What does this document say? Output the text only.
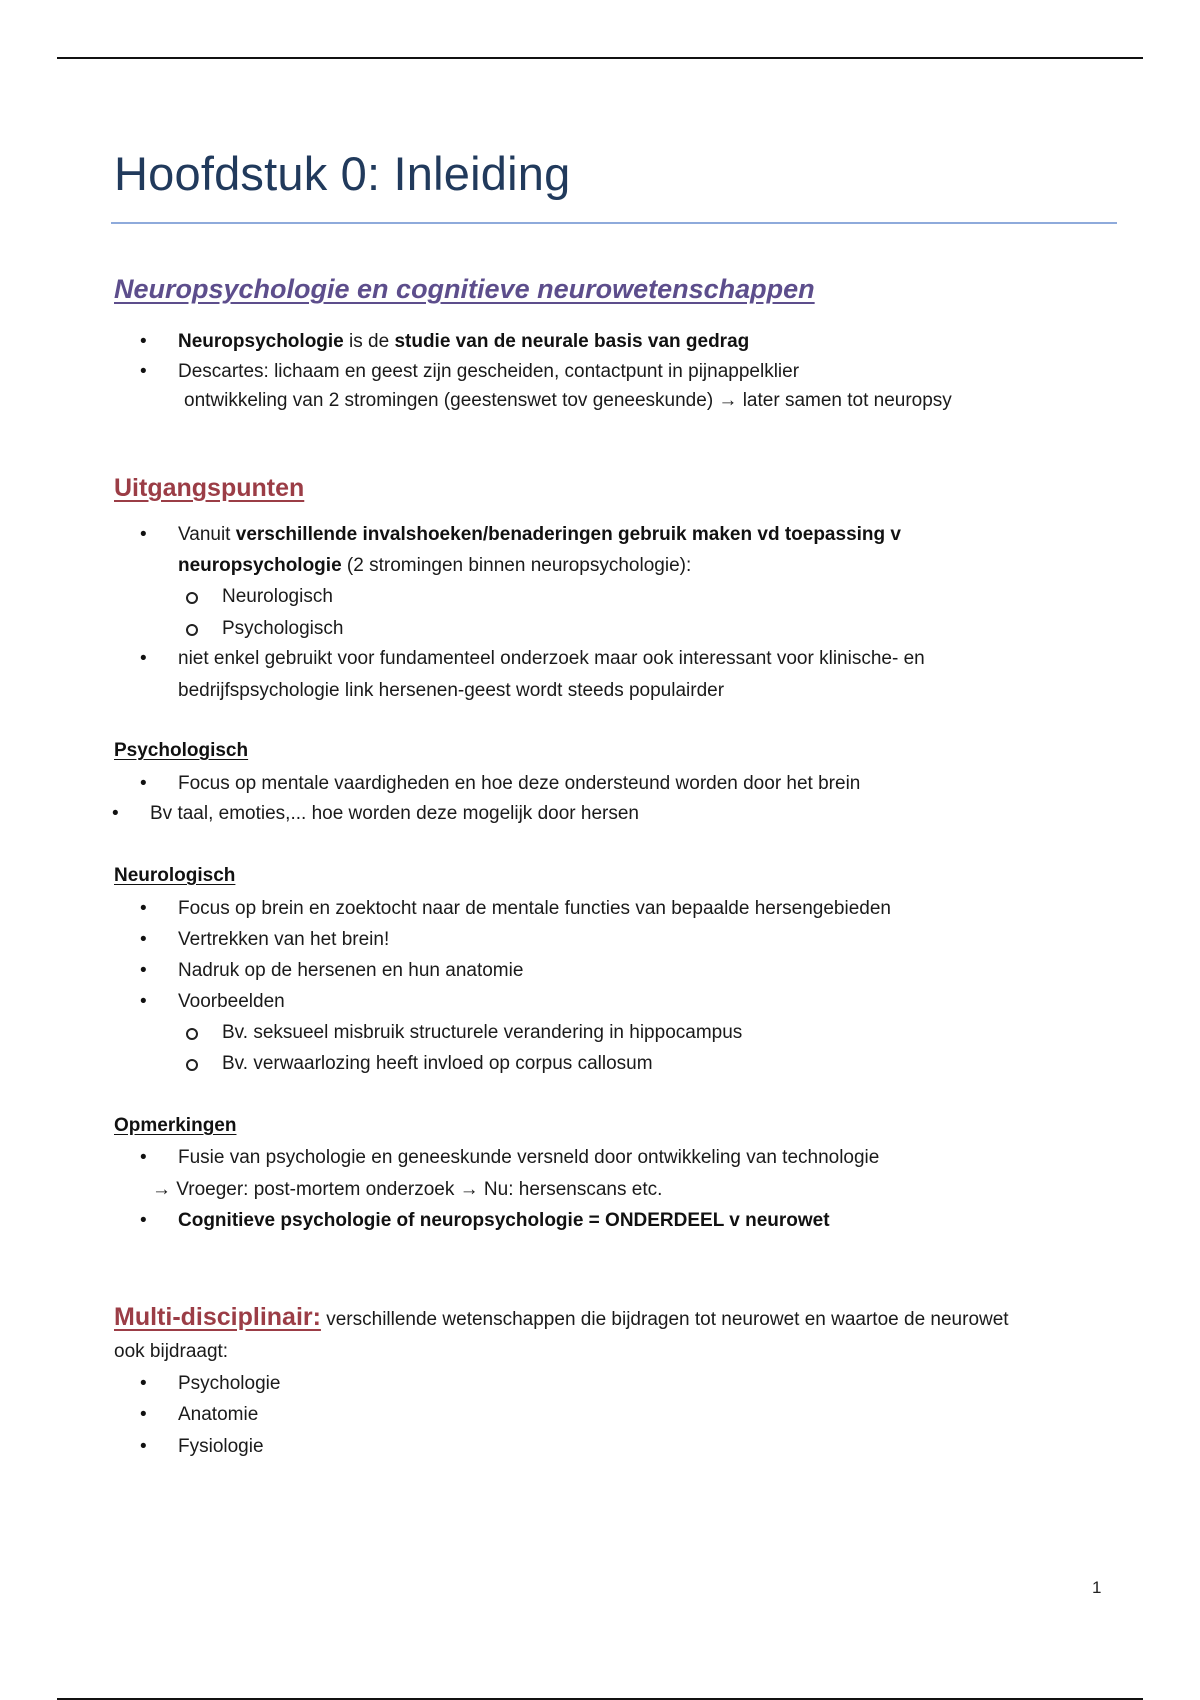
Hoofdstuk 0: Inleiding
Neuropsychologie en cognitieve neurowetenschappen
• Neuropsychologie is de studie van de neurale basis van gedrag

• Descartes: lichaam en geest zijn gescheiden, contactpunt in pijnappelklier

ontwikkeling van 2 stromingen (geestenswet tov geneeskunde) → later samen tot neuropsy

Uitgangspunten
• Vanuit verschillende invalshoeken/benaderingen gebruik maken vd toepassing v

neuropsychologie (2 stromingen binnen neuropsychologie):

Neurologisch

Psychologisch

• niet enkel gebruikt voor fundamenteel onderzoek maar ook interessant voor klinische- en

bedrijfspsychologie link hersenen-geest wordt steeds populairder

Psychologisch
• Focus op mentale vaardigheden en hoe deze ondersteund worden door het brein

• Bv taal, emoties,... hoe worden deze mogelijk door hersen

Neurologisch
• Focus op brein en zoektocht naar de mentale functies van bepaalde hersengebieden

• Vertrekken van het brein!

• Nadruk op de hersenen en hun anatomie

• Voorbeelden

Bv. seksueel misbruik structurele verandering in hippocampus

Bv. verwaarlozing heeft invloed op corpus callosum

Opmerkingen
• Fusie van psychologie en geneeskunde versneld door ontwikkeling van technologie

→ Vroeger: post-mortem onderzoek → Nu: hersenscans etc.

• Cognitieve psychologie of neuropsychologie = ONDERDEEL v neurowet

Multi-disciplinair: verschillende wetenschappen die bijdragen tot neurowet en waartoe de neurowet

ook bijdraagt:

• Psychologie

• Anatomie

• Fysiologie

1
